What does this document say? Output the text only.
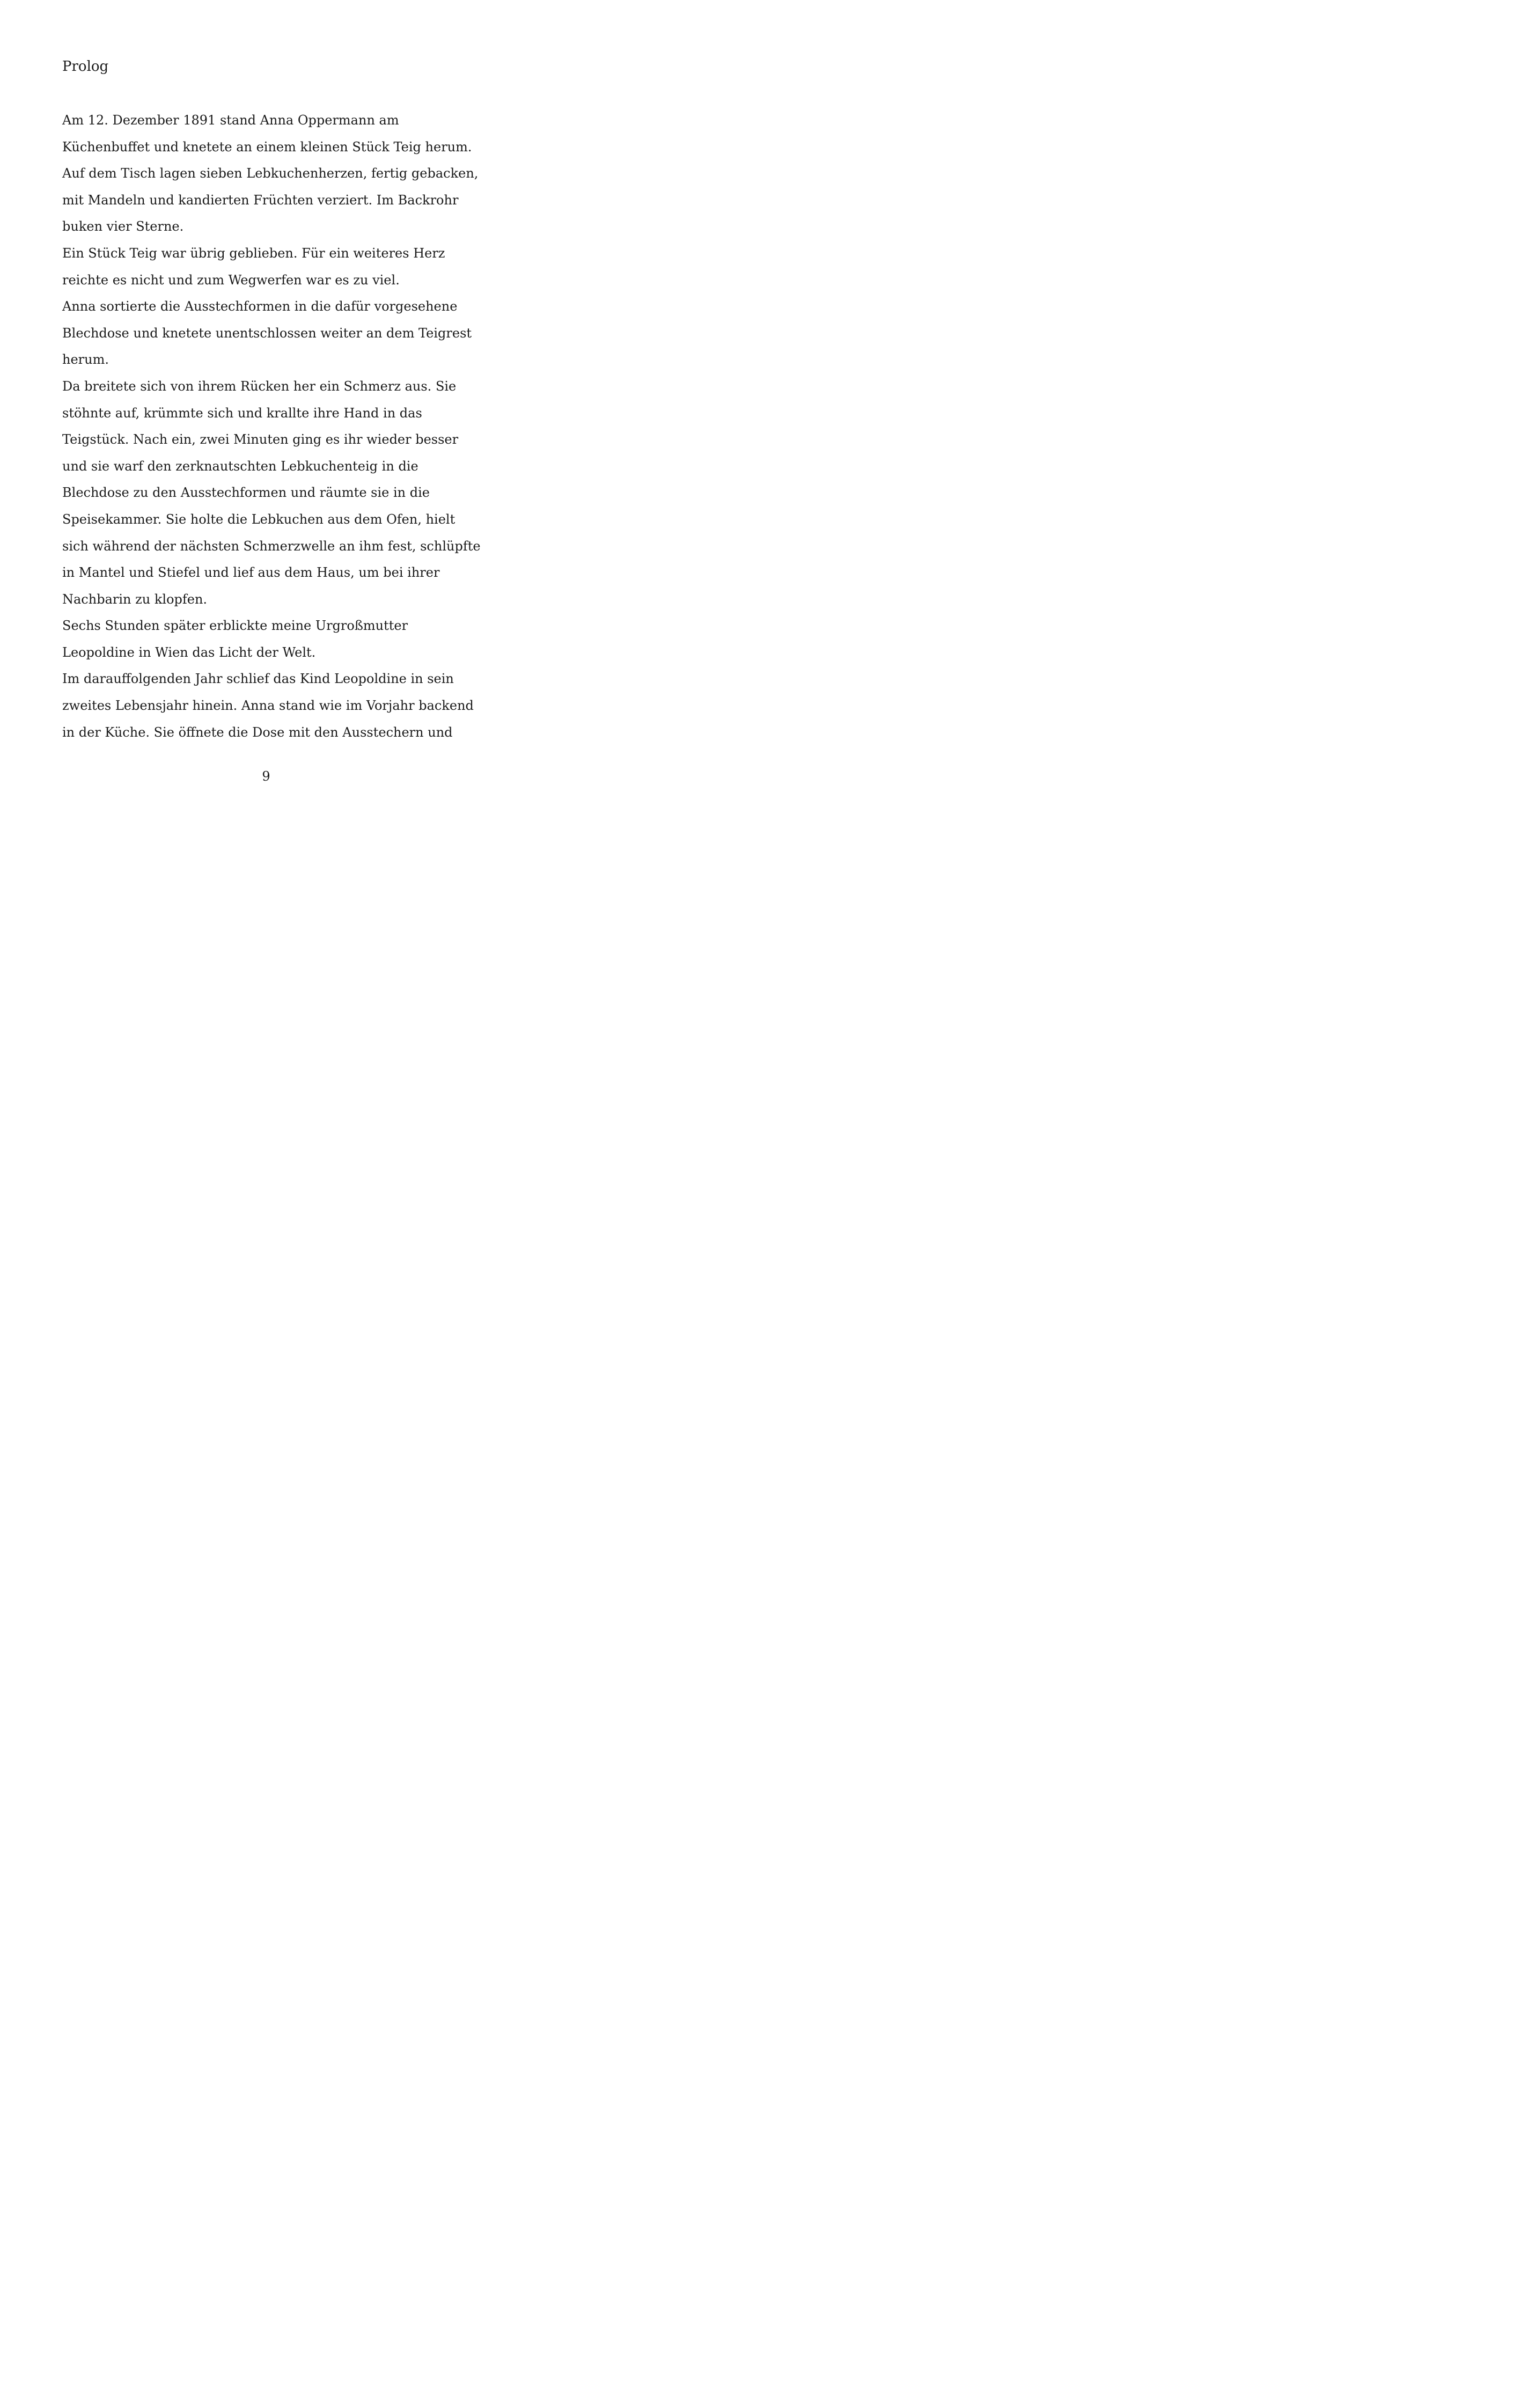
Prolog
Am 12. Dezember 1891 stand Anna Oppermann am
Küchenbuffet und knetete an einem kleinen Stück Teig herum.
Auf dem Tisch lagen sieben Lebkuchenherzen, fertig gebacken,
mit Mandeln und kandierten Früchten verziert. Im Backrohr
buken vier Sterne.
Ein Stück Teig war übrig geblieben. Für ein weiteres Herz
reichte es nicht und zum Wegwerfen war es zu viel.
Anna sortierte die Ausstechformen in die dafür vorgesehene
Blechdose und knetete unentschlossen weiter an dem Teigrest
herum.
Da breitete sich von ihrem Rücken her ein Schmerz aus. Sie
stöhnte auf, krümmte sich und krallte ihre Hand in das
Teigstück. Nach ein, zwei Minuten ging es ihr wieder besser
und sie warf den zerknautschten Lebkuchenteig in die
Blechdose zu den Ausstechformen und räumte sie in die
Speisekammer. Sie holte die Lebkuchen aus dem Ofen, hielt
sich während der nächsten Schmerzwelle an ihm fest, schlüpfte
in Mantel und Stiefel und lief aus dem Haus, um bei ihrer
Nachbarin zu klopfen.
Sechs Stunden später erblickte meine Urgroßmutter
Leopoldine in Wien das Licht der Welt.
Im darauffolgenden Jahr schlief das Kind Leopoldine in sein
zweites Lebensjahr hinein. Anna stand wie im Vorjahr backend
in der Küche. Sie öffnete die Dose mit den Ausstechern und
9
